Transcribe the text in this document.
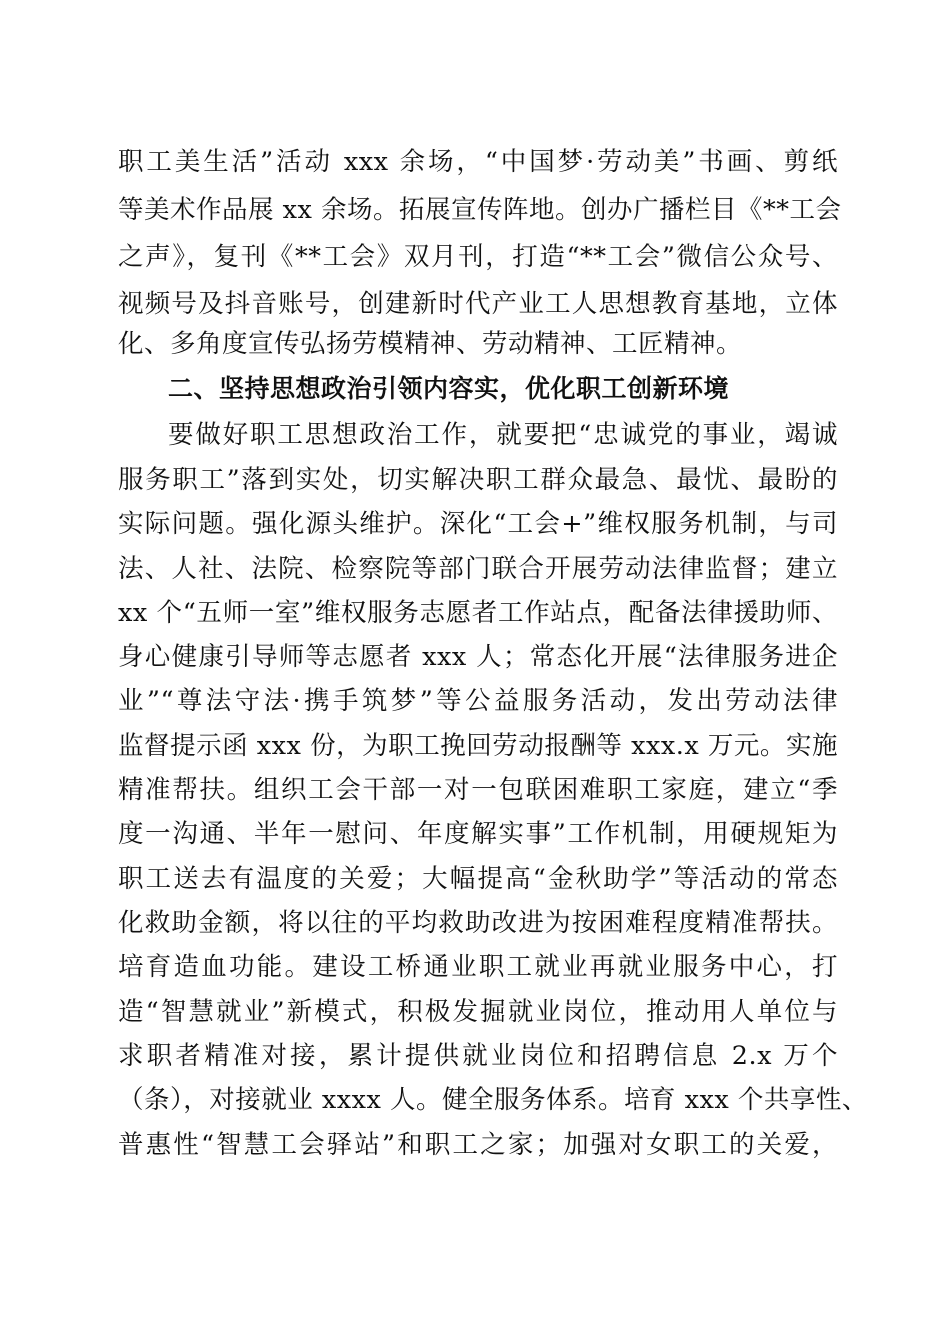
职工美生活”活动 xxx 余场，“中国梦·劳动美”书画、剪纸
等美术作品展 xx 余场。拓展宣传阵地。创办广播栏目《**工会
之声》，复刊《**工会》双月刊，打造“**工会”微信公众号、
视频号及抖音账号，创建新时代产业工人思想教育基地，立体
化、多角度宣传弘扬劳模精神、劳动精神、工匠精神。
二、坚持思想政治引领内容实，优化职工创新环境
要做好职工思想政治工作，就要把“忠诚党的事业，竭诚
服务职工”落到实处，切实解决职工群众最急、最忧、最盼的
实际问题。强化源头维护。深化“工会+”维权服务机制，与司
法、人社、法院、检察院等部门联合开展劳动法律监督；建立
xx 个“五师一室”维权服务志愿者工作站点，配备法律援助师、
身心健康引导师等志愿者 xxx 人；常态化开展“法律服务进企
业”“尊法守法·携手筑梦”等公益服务活动，发出劳动法律
监督提示函 xxx 份，为职工挽回劳动报酬等 xxx.x 万元。实施
精准帮扶。组织工会干部一对一包联困难职工家庭，建立“季
度一沟通、半年一慰问、年度解实事”工作机制，用硬规矩为
职工送去有温度的关爱；大幅提高“金秋助学”等活动的常态
化救助金额，将以往的平均救助改进为按困难程度精准帮扶。
培育造血功能。建设工桥通业职工就业再就业服务中心，打
造“智慧就业”新模式，积极发掘就业岗位，推动用人单位与
求职者精准对接，累计提供就业岗位和招聘信息 2.x 万个
（条），对接就业 xxxx 人。健全服务体系。培育 xxx 个共享性、
普惠性“智慧工会驿站”和职工之家；加强对女职工的关爱，
